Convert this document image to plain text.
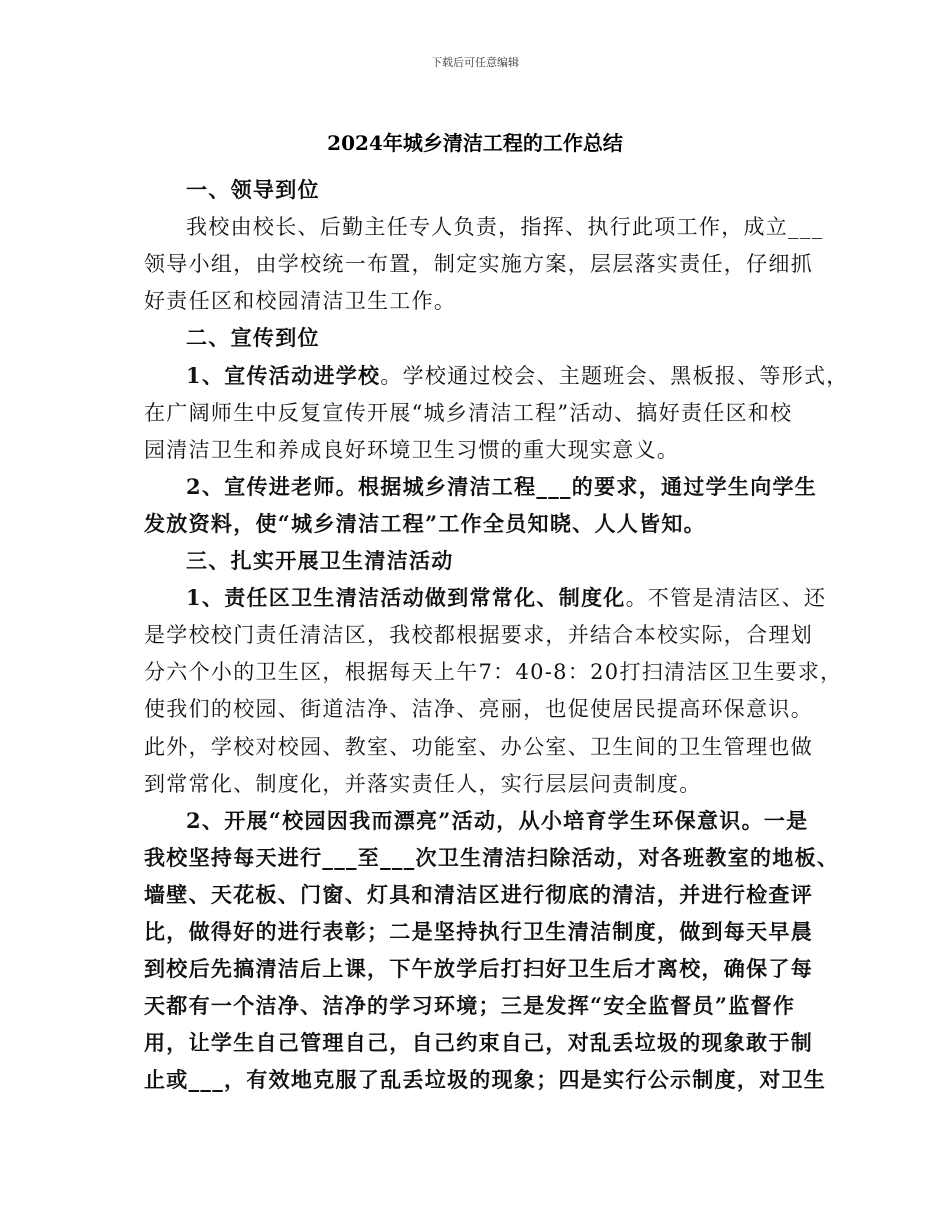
下载后可任意编辑
2024年城乡清洁工程的工作总结
一、领导到位
我校由校长、后勤主任专人负责，指挥、执行此项工作，成立___
领导小组，由学校统一布置，制定实施方案，层层落实责任，仔细抓
好责任区和校园清洁卫生工作。
二、宣传到位
1、宣传活动进学校。学校通过校会、主题班会、黑板报、等形式，
在广阔师生中反复宣传开展“城乡清洁工程”活动、搞好责任区和校
园清洁卫生和养成良好环境卫生习惯的重大现实意义。
2、宣传进老师。根据城乡清洁工程___的要求，通过学生向学生
发放资料，使“城乡清洁工程”工作全员知晓、人人皆知。
三、扎实开展卫生清洁活动
1、责任区卫生清洁活动做到常常化、制度化。不管是清洁区、还
是学校校门责任清洁区，我校都根据要求，并结合本校实际，合理划
分六个小的卫生区，根据每天上午7：40-8：20打扫清洁区卫生要求，
使我们的校园、街道洁净、洁净、亮丽，也促使居民提高环保意识。
此外，学校对校园、教室、功能室、办公室、卫生间的卫生管理也做
到常常化、制度化，并落实责任人，实行层层问责制度。
2、开展“校园因我而漂亮”活动，从小培育学生环保意识。一是
我校坚持每天进行___至___次卫生清洁扫除活动，对各班教室的地板、
墙壁、天花板、门窗、灯具和清洁区进行彻底的清洁，并进行检查评
比，做得好的进行表彰；二是坚持执行卫生清洁制度，做到每天早晨
到校后先搞清洁后上课，下午放学后打扫好卫生后才离校，确保了每
天都有一个洁净、洁净的学习环境；三是发挥“安全监督员”监督作
用，让学生自己管理自己，自己约束自己，对乱丢垃圾的现象敢于制
止或___，有效地克服了乱丢垃圾的现象；四是实行公示制度，对卫生
